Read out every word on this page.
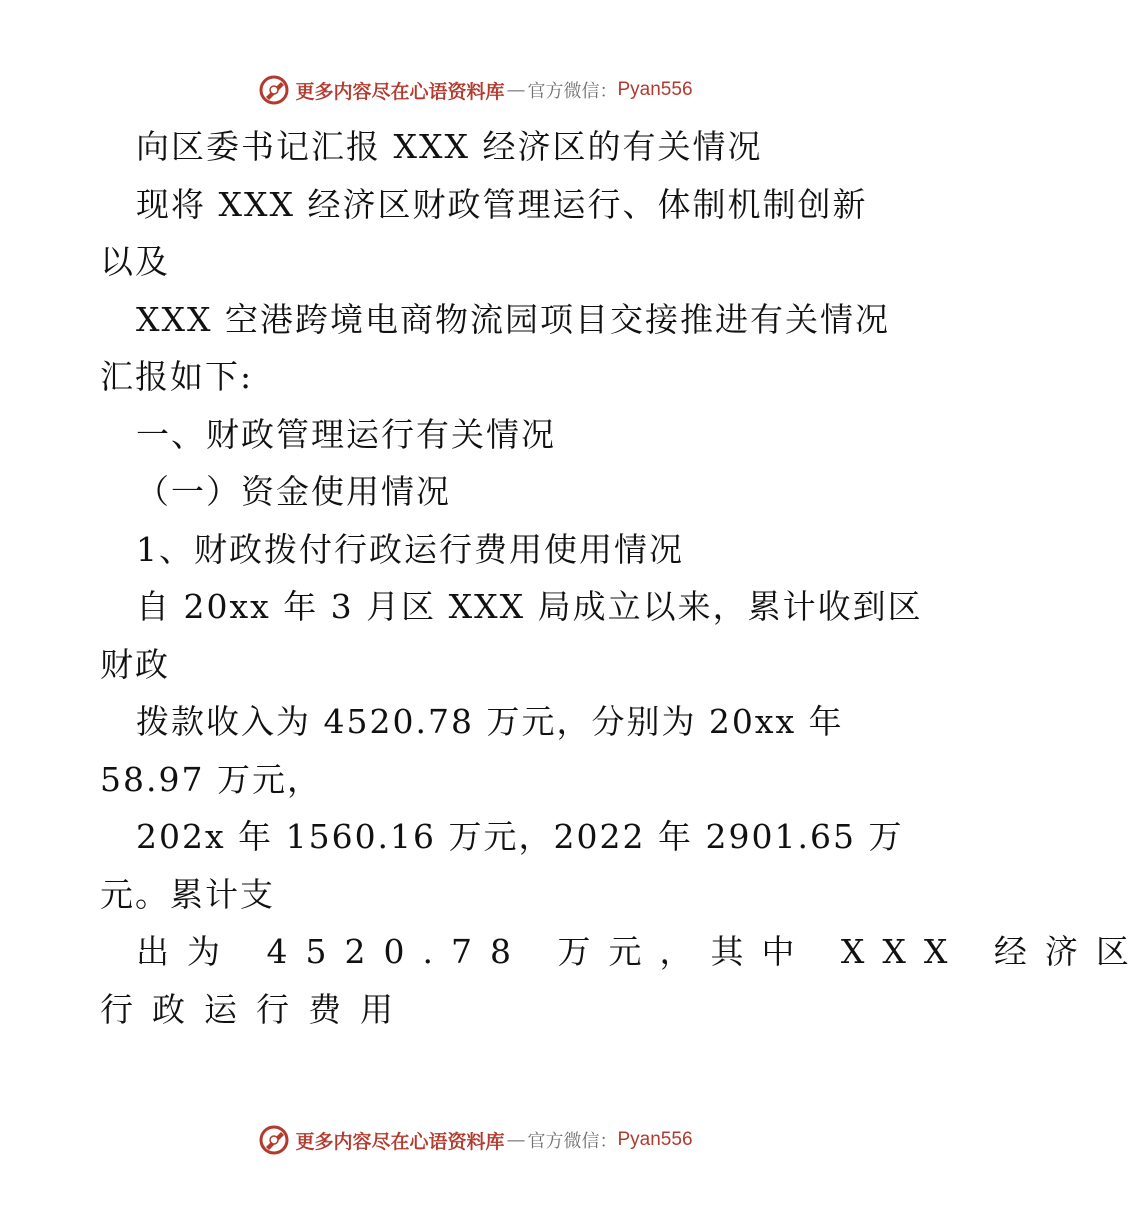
更多内容尽在心语资料库 — 官方微信： Pyan556
向区委书记汇报 XXX 经济区的有关情况
现将 XXX 经济区财政管理运行、体制机制创新
以及
XXX 空港跨境电商物流园项目交接推进有关情况
汇报如下:
一、财政管理运行有关情况
（一）资金使用情况
1、财政拨付行政运行费用使用情况
自 20xx 年 3 月区 XXX 局成立以来，累计收到区
财政
拨款收入为 4520.78 万元，分别为 20xx 年
58.97 万元，
202x 年 1560.16 万元，2022 年 2901.65 万
元。累计支
出为 4520.78 万元，其中 XXX 经济区
行政运行费用
更多内容尽在心语资料库 — 官方微信： Pyan556
